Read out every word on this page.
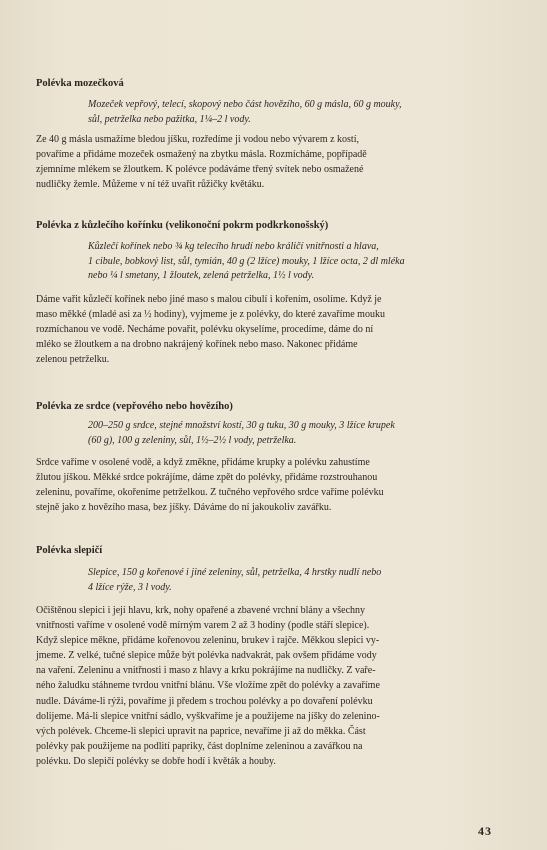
Polévka mozečková
Mozeček vepřový, telecí, skopový nebo část hovězího, 60 g másla, 60 g mouky,
sůl, petrželka nebo pažitka, 1¼–2 l vody.
Ze 40 g másla usmažíme bledou jíšku, rozředíme ji vodou nebo vývarem z kostí,
povaříme a přidáme mozeček osmažený na zbytku másla. Rozmícháme, popřípadě
zjemníme mlékem se žloutkem. K polévce podáváme třený svítek nebo osmažené
nudličky žemle. Můžeme v ní též uvařit růžičky květáku.
Polévka z kůzlečího kořínku (velikonoční pokrm podkrkonošský)
Kůzlečí kořínek nebo ¾ kg telecího hrudí nebo králičí vnitřnosti a hlava,
1 cibule, bobkový list, sůl, tymián, 40 g (2 lžíce) mouky, 1 lžíce octa, 2 dl mléka
nebo ¼ l smetany, 1 žloutek, zelená petrželka, 1½ l vody.
Dáme vařit kůzlečí kořínek nebo jiné maso s malou cibulí i kořením, osolíme. Když je
maso měkké (mladé asi za ½ hodiny), vyjmeme je z polévky, do které zavaříme mouku
rozmíchanou ve vodě. Necháme povařit, polévku okyselíme, procedíme, dáme do ní
mléko se žloutkem a na drobno nakrájený kořínek nebo maso. Nakonec přidáme
zelenou petrželku.
Polévka ze srdce (vepřového nebo hovězího)
200–250 g srdce, stejné množství kostí, 30 g tuku, 30 g mouky, 3 lžíce krupek
(60 g), 100 g zeleniny, sůl, 1½–2½ l vody, petrželka.
Srdce vaříme v osolené vodě, a když změkne, přidáme krupky a polévku zahustíme
žlutou jíškou. Měkké srdce pokrájíme, dáme zpět do polévky, přidáme rozstrouhanou
zeleninu, povaříme, okořeníme petrželkou. Z tučného vepřového srdce vaříme polévku
stejně jako z hovězího masa, bez jíšky. Dáváme do ní jakoukoliv zavářku.
Polévka slepičí
Slepice, 150 g kořenové i jiné zeleniny, sůl, petrželka, 4 hrstky nudlí nebo
4 lžíce rýže, 3 l vody.
Očištěnou slepici i její hlavu, krk, nohy opařené a zbavené vrchní blány a všechny
vnitřnosti vaříme v osolené vodě mírným varem 2 až 3 hodiny (podle stáří slepice).
Když slepice měkne, přidáme kořenovou zeleninu, brukev i rajče. Měkkou slepici vy-
jmeme. Z velké, tučné slepice může být polévka nadvakrát, pak ovšem přidáme vody
na vaření. Zeleninu a vnitřnosti i maso z hlavy a krku pokrájíme na nudličky. Z vaře-
ného žaludku stáhneme tvrdou vnitřní blánu. Vše vložíme zpět do polévky a zavaříme
nudle. Dáváme-li rýži, povaříme ji předem s trochou polévky a po dovaření polévku
dolijeme. Má-li slepice vnitřní sádlo, vyškvaříme je a použijeme na jíšky do zelenino-
vých polévek. Chceme-li slepici upravit na paprice, nevaříme ji až do měkka. Část
polévky pak použijeme na podlití papriky, část doplníme zeleninou a zavářkou na
polévku. Do slepičí polévky se dobře hodí i květák a houby.
43
